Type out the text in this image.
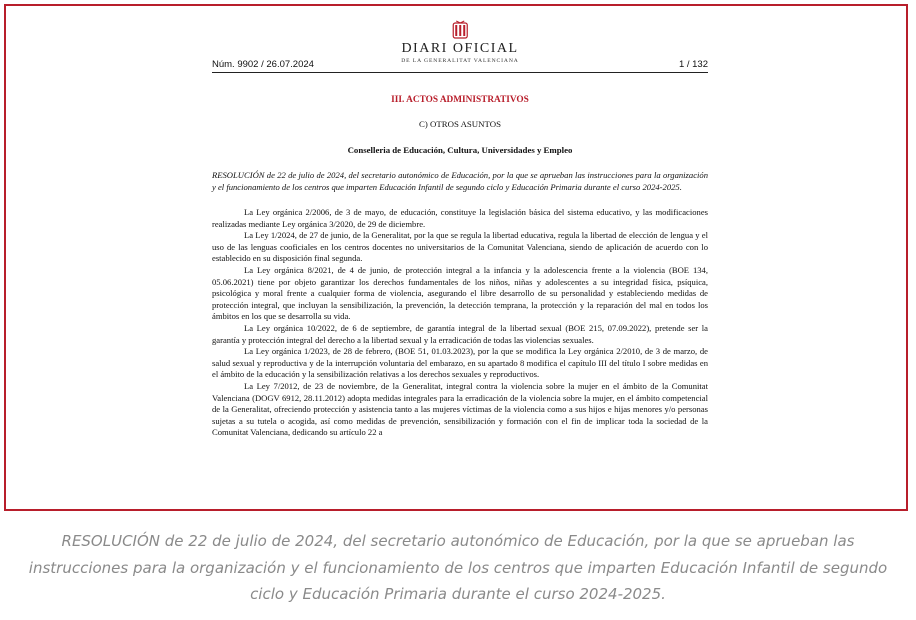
Núm. 9902 / 26.07.2024
DIARI OFICIAL
DE LA GENERALITAT VALENCIANA	1 / 132
III. ACTOS ADMINISTRATIVOS
C) OTROS ASUNTOS
Conselleria de Educación, Cultura, Universidades y Empleo
RESOLUCIÓN de 22 de julio de 2024, del secretario autonómico de Educación, por la que se aprueban las instrucciones para la organización y el funcionamiento de los centros que imparten Educación Infantil de segundo ciclo y Educación Primaria durante el curso 2024-2025.

La Ley orgánica 2/2006, de 3 de mayo, de educación, constituye la legislación básica del sistema educativo, y las modificaciones realizadas mediante Ley orgánica 3/2020, de 29 de diciembre.

La Ley 1/2024, de 27 de junio, de la Generalitat, por la que se regula la libertad educativa, regula la libertad de elección de lengua y el uso de las lenguas cooficiales en los centros docentes no universitarios de la Comunitat Valenciana, siendo de aplicación de acuerdo con lo establecido en su disposición final segunda.

La Ley orgánica 8/2021, de 4 de junio, de protección integral a la infancia y la adolescencia frente a la violencia (BOE 134, 05.06.2021) tiene por objeto garantizar los derechos fundamentales de los niños, niñas y adolescentes a su integridad física, psíquica, psicológica y moral frente a cualquier forma de violencia, asegurando el libre desarrollo de su personalidad y estableciendo medidas de protección integral, que incluyan la sensibilización, la prevención, la detección temprana, la protección y la reparación del mal en todos los ámbitos en los que se desarrolla su vida.

La Ley orgánica 10/2022, de 6 de septiembre, de garantía integral de la libertad sexual (BOE 215, 07.09.2022), pretende ser la garantía y protección integral del derecho a la libertad sexual y la erradicación de todas las violencias sexuales.

La Ley orgánica 1/2023, de 28 de febrero, (BOE 51, 01.03.2023), por la que se modifica la Ley orgánica 2/2010, de 3 de marzo, de salud sexual y reproductiva y de la interrupción voluntaria del embarazo, en su apartado 8 modifica el capítulo III del título I sobre medidas en el ámbito de la educación y la sensibilización relativas a los derechos sexuales y reproductivos.

La Ley 7/2012, de 23 de noviembre, de la Generalitat, integral contra la violencia sobre la mujer en el ámbito de la Comunitat Valenciana (DOGV 6912, 28.11.2012) adopta medidas integrales para la erradicación de la violencia sobre la mujer, en el ámbito competencial de la Generalitat, ofreciendo protección y asistencia tanto a las mujeres víctimas de la violencia como a sus hijos e hijas menores y/o personas sujetas a su tutela o acogida, así como medidas de prevención, sensibilización y formación con el fin de implicar toda la sociedad de la Comunitat Valenciana, dedicando su artículo 22 a

RESOLUCIÓN de 22 de julio de 2024, del secretario autonómico de Educación, por la que se aprueban las instrucciones para la organización y el funcionamiento de los centros que imparten Educación Infantil de segundo ciclo y Educación Primaria durante el curso 2024-2025.
